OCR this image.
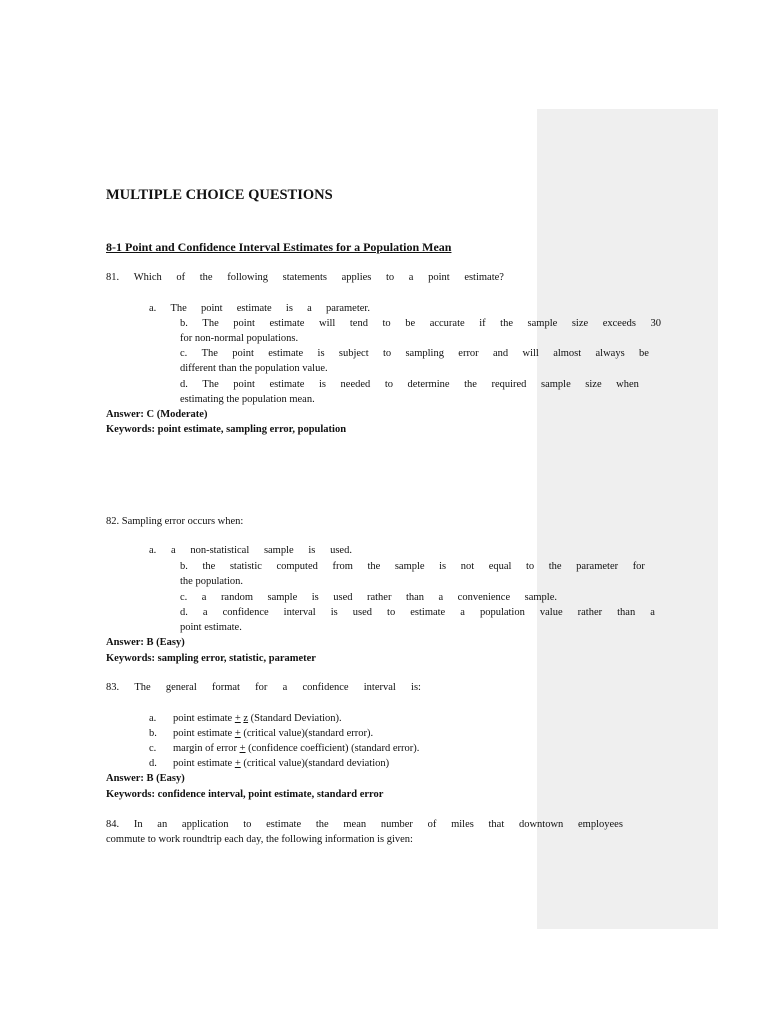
MULTIPLE CHOICE QUESTIONS
8-1 Point and Confidence Interval Estimates for a Population Mean
81. Which of the following statements applies to a point estimate?
a. The point estimate is a parameter.
b. The point estimate will tend to be accurate if the sample size exceeds 30
for non-normal populations.
c. The point estimate is subject to sampling error and will almost always be
different than the population value.
d. The point estimate is needed to determine the required sample size when
estimating the population mean.
Answer: C (Moderate)
Keywords: point estimate, sampling error, population
82. Sampling error occurs when:
a. a non-statistical sample is used.
b. the statistic computed from the sample is not equal to the parameter for
the population.
c. a random sample is used rather than a convenience sample.
d. a confidence interval is used to estimate a population value rather than a
point estimate.
Answer: B (Easy)
Keywords: sampling error, statistic, parameter
83. The general format for a confidence interval is:
a. point estimate + z (Standard Deviation).
b. point estimate + (critical value)(standard error).
c. margin of error + (confidence coefficient) (standard error).
d. point estimate + (critical value)(standard deviation)
Answer: B (Easy)
Keywords: confidence interval, point estimate, standard error
84. In an application to estimate the mean number of miles that downtown employees
commute to work roundtrip each day, the following information is given:
